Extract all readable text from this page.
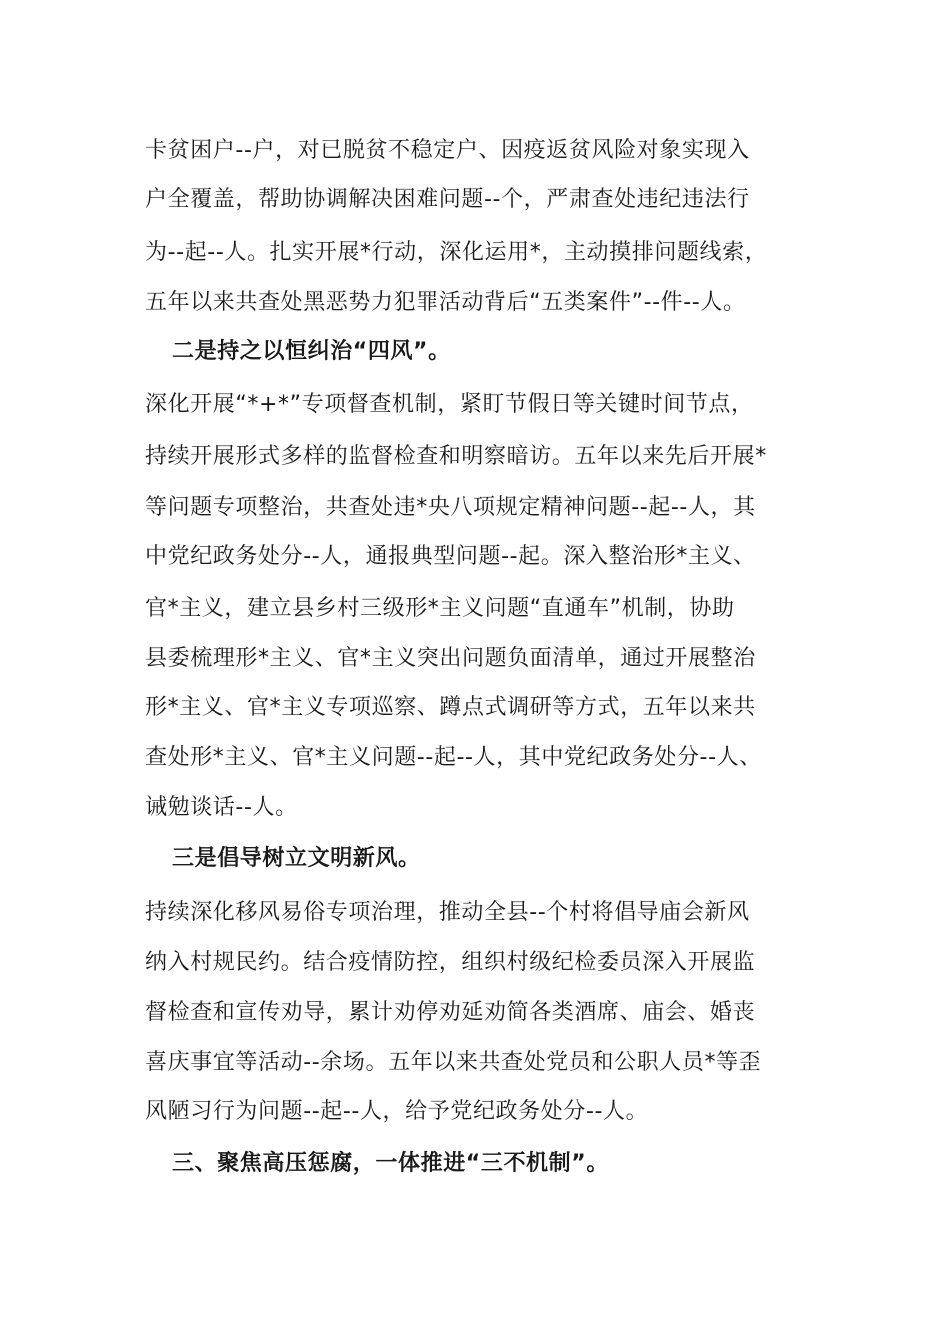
卡贫困户--户，对已脱贫不稳定户、因疫返贫风险对象实现入
户全覆盖，帮助协调解决困难问题--个，严肃查处违纪违法行
为--起--人。扎实开展*行动，深化运用*，主动摸排问题线索，
五年以来共查处黑恶势力犯罪活动背后“五类案件”--件--人。
二是持之以恒纠治“四风”。
深化开展“*+*”专项督查机制，紧盯节假日等关键时间节点，
持续开展形式多样的监督检查和明察暗访。五年以来先后开展*
等问题专项整治，共查处违*央八项规定精神问题--起--人，其
中党纪政务处分--人，通报典型问题--起。深入整治形*主义、
官*主义，建立县乡村三级形*主义问题“直通车”机制，协助
县委梳理形*主义、官*主义突出问题负面清单，通过开展整治
形*主义、官*主义专项巡察、蹲点式调研等方式，五年以来共
查处形*主义、官*主义问题--起--人，其中党纪政务处分--人、
诫勉谈话--人。
三是倡导树立文明新风。
持续深化移风易俗专项治理，推动全县--个村将倡导庙会新风
纳入村规民约。结合疫情防控，组织村级纪检委员深入开展监
督检查和宣传劝导，累计劝停劝延劝简各类酒席、庙会、婚丧
喜庆事宜等活动--余场。五年以来共查处党员和公职人员*等歪
风陋习行为问题--起--人，给予党纪政务处分--人。
三、聚焦高压惩腐，一体推进“三不机制”。
